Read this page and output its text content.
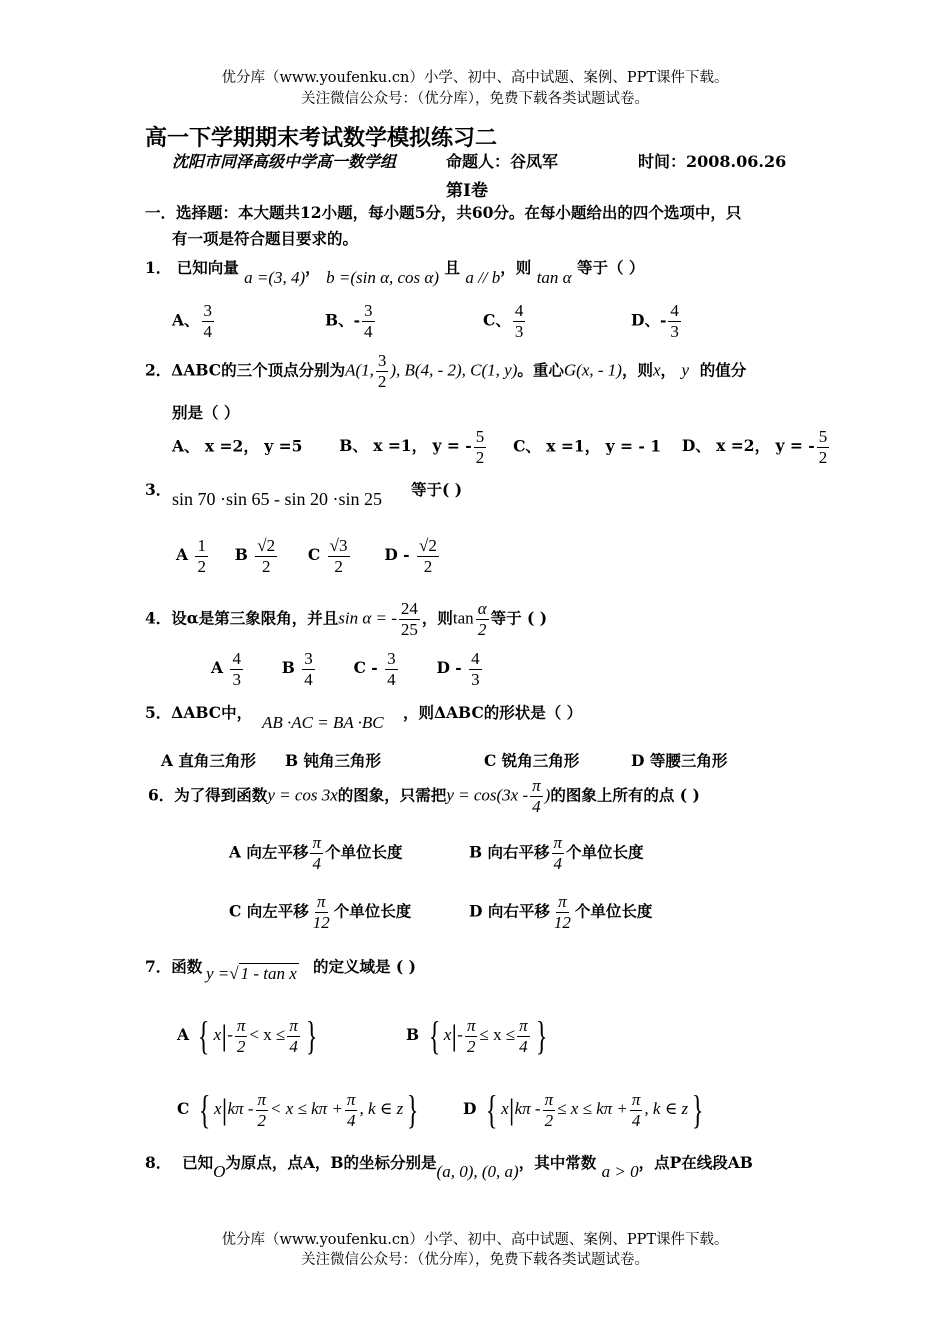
优分库（www.youfenku.cn）小学、初中、高中试题、案例、PPT课件下载。
关注微信公众号：（优分库），免费下载各类试题试卷。
高一下学期期末考试数学模拟练习二
沈阳市同泽高级中学高一数学组	命题人：谷凤军	时间：2008.06.26
第Ⅰ卷
一．选择题：本大题共12小题，每小题5分，共60分。在每小题给出的四个选项中，只
有一项是符合题目要求的。
1． 已知向量 a =(3, 4)， b =(sin α, cos α) 且 a // b，则 tan α 等于（ ）
A、 $\frac{3}{4}$	B、- $\frac{3}{4}$	C、 $\frac{4}{3}$	D、- $\frac{4}{3}$
2．ΔABC的三个顶点分别为A(1, $\frac{3}{2}$ ), B(4, - 2), C(1, y)。重心G(x, - 1)，则x， y 的值分
别是（ ）
A、 x =2， y =5 B、 x =1， y = - $\frac{5}{2}$ C、 x =1， y = - 1 D、 x =2， y = - $\frac{5}{2}$
3． sin 70 ·sin 65 - sin 20 ·sin 25 等于( )
A $\frac{1}{2}$ B $\frac{√2}{2}$ C $\frac{√3}{2}$ D - $\frac{√2}{2}$
4．设α是第三象限角，并且sin α = - $\frac{24}{25}$ ，则$\tan \frac{\alpha}{2}$ 等于 ( )
A $\frac{4}{3}$	B $\frac{3}{4}$	C - $\frac{3}{4}$	D - $\frac{4}{3}$
5．ΔABC中，
AB ·AC = BA ·BC
，则ΔABC的形状是（ ）
A 直角三角形 B 钝角三角形	C 锐角三角形	D 等腰三角形
6．为了得到函数y = cos 3x的图象，只需把$y = \cos(3x - \frac{\pi}{4}$ )的图象上所有的点 ( )
A 向左平移 $\frac{\pi}{4}$ 个单位长度	B 向右平移 $\frac{\pi}{4}$ 个单位长度
C 向左平移 $\frac{\pi}{12}$ 个单位长度	D 向右平移 $\frac{\pi}{12}$ 个单位长度
7．函数 y =√ 1 - tan x 的定义域是 ( )
A { $x|- \frac{\pi}{2} < x \le \frac{\pi}{4}$ }	B { $x|- \frac{\pi}{2} \le x \le \frac{\pi}{4}$ }
C { $x|k\pi - \frac{\pi}{2} < x \le k\pi + \frac{\pi}{4}$ , k ∈ z}	D { $x|k\pi - \frac{\pi}{2} \le x \le k\pi + \frac{\pi}{4}$ , k ∈ z}
8． 已知O为原点，点A，B的坐标分别是(a, 0), (0, a)，其中常数 a > 0，点P在线段AB
优分库（www.youfenku.cn）小学、初中、高中试题、案例、PPT课件下载。
关注微信公众号：（优分库），免费下载各类试题试卷。
